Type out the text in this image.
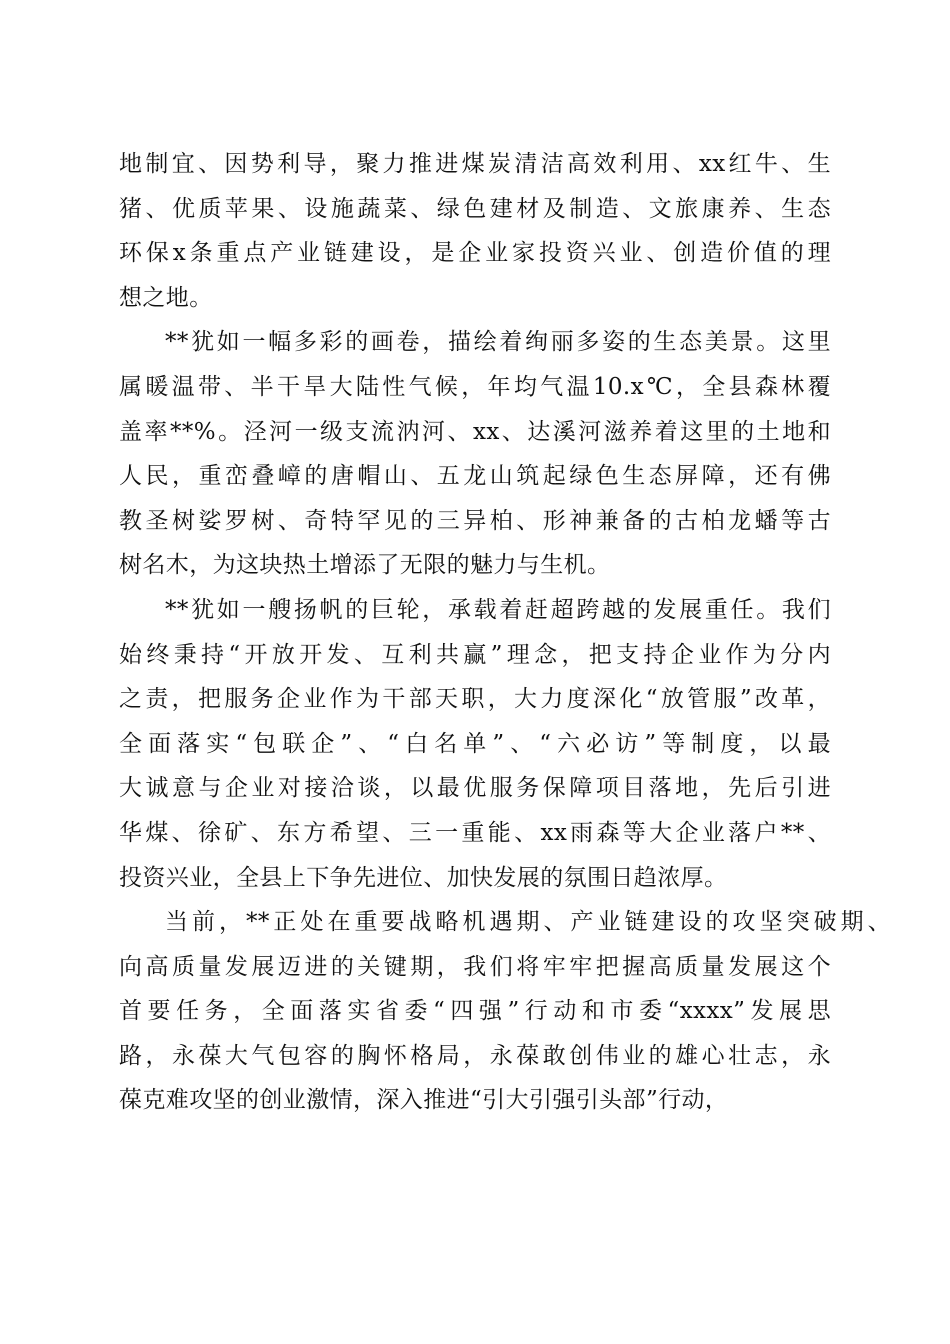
地制宜、因势利导，聚力推进煤炭清洁高效利用、xx红牛、生
猪、优质苹果、设施蔬菜、绿色建材及制造、文旅康养、生态
环保x条重点产业链建设，是企业家投资兴业、创造价值的理
想之地。
**犹如一幅多彩的画卷，描绘着绚丽多姿的生态美景。这里
属暖温带、半干旱大陆性气候，年均气温10.x℃，全县森林覆
盖率**%。泾河一级支流汭河、xx、达溪河滋养着这里的土地和
人民，重峦叠嶂的唐帽山、五龙山筑起绿色生态屏障，还有佛
教圣树娑罗树、奇特罕见的三异柏、形神兼备的古柏龙蟠等古
树名木，为这块热土增添了无限的魅力与生机。
**犹如一艘扬帆的巨轮，承载着赶超跨越的发展重任。我们
始终秉持“开放开发、互利共赢”理念，把支持企业作为分内
之责，把服务企业作为干部天职，大力度深化“放管服”改革，
全面落实“包联企”、“白名单”、“六必访”等制度，以最
大诚意与企业对接洽谈，以最优服务保障项目落地，先后引进
华煤、徐矿、东方希望、三一重能、xx雨森等大企业落户**、
投资兴业，全县上下争先进位、加快发展的氛围日趋浓厚。
当前，**正处在重要战略机遇期、产业链建设的攻坚突破期、
向高质量发展迈进的关键期，我们将牢牢把握高质量发展这个
首要任务，全面落实省委“四强”行动和市委“xxxx”发展思
路，永葆大气包容的胸怀格局，永葆敢创伟业的雄心壮志，永
葆克难攻坚的创业激情，深入推进“引大引强引头部”行动，
